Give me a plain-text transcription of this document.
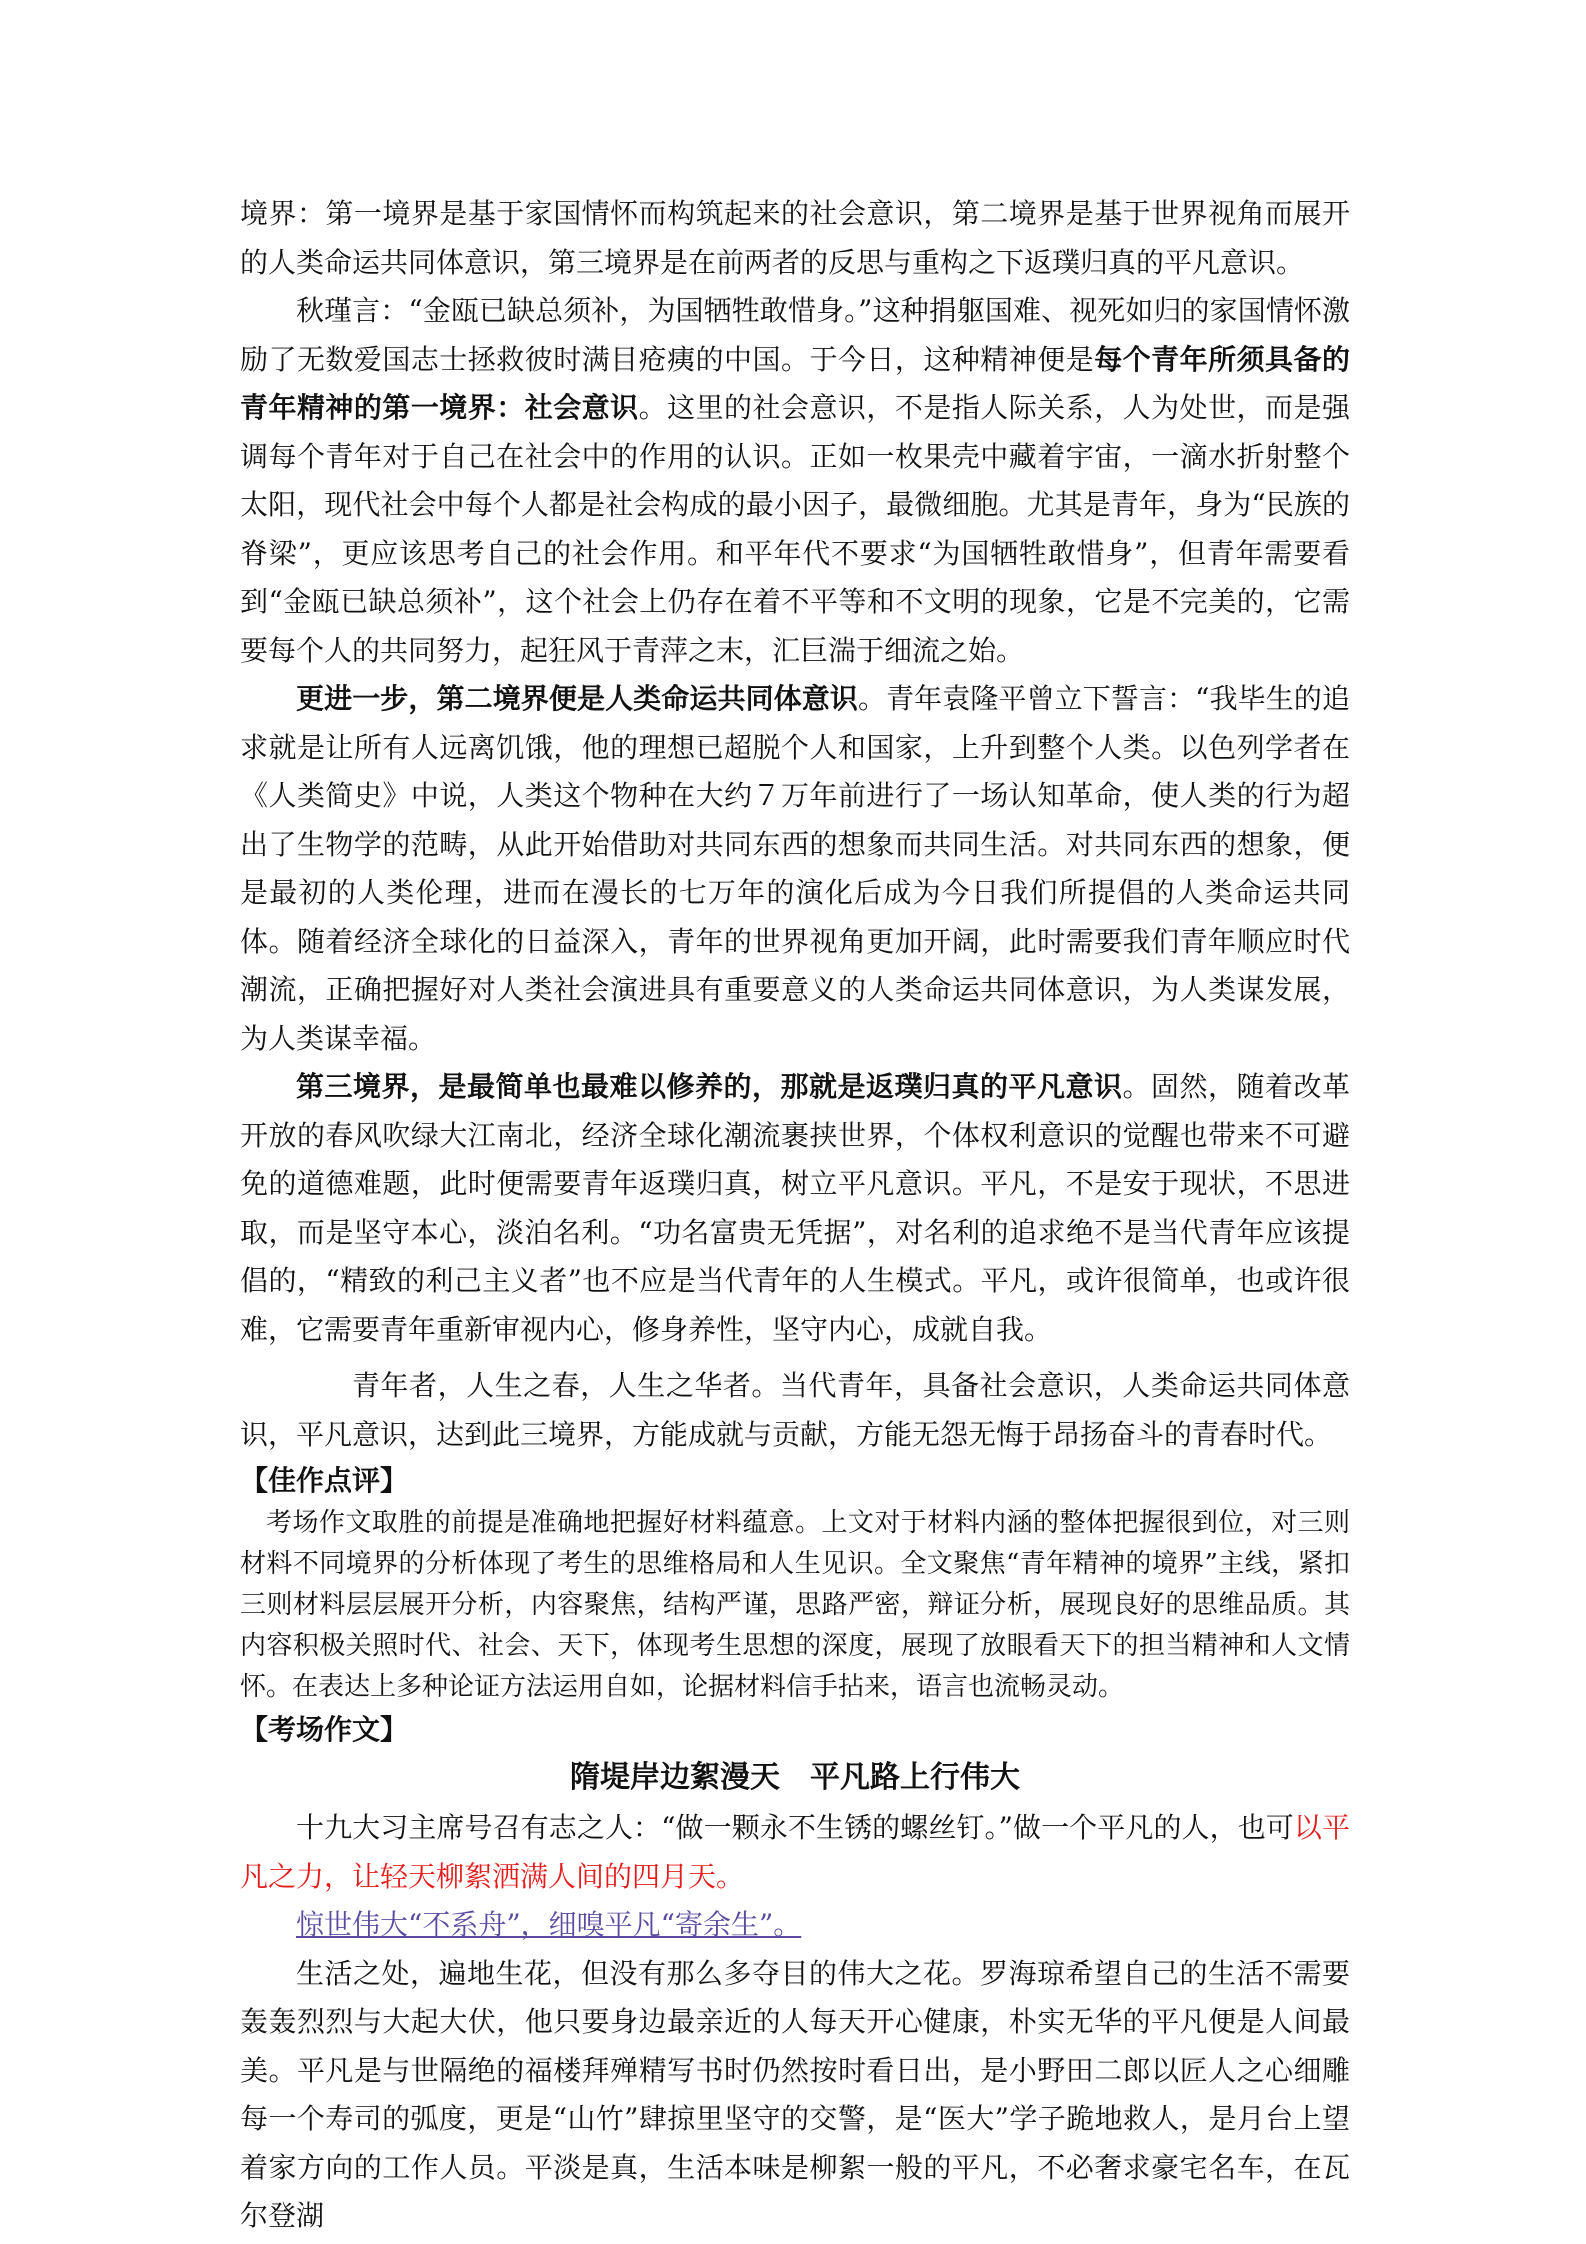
境界：第一境界是基于家国情怀而构筑起来的社会意识，第二境界是基于世界视角而展开的人类命运共同体意识，第三境界是在前两者的反思与重构之下返璞归真的平凡意识。

秋瑾言：“金瓯已缺总须补，为国牺牲敢惜身。”这种捐躯国难、视死如归的家国情怀激励了无数爱国志士拯救彼时满目疮痍的中国。于今日，这种精神便是每个青年所须具备的青年精神的第一境界：社会意识。这里的社会意识，不是指人际关系，人为处世，而是强调每个青年对于自己在社会中的作用的认识。正如一枚果壳中藏着宇宙，一滴水折射整个太阳，现代社会中每个人都是社会构成的最小因子，最微细胞。尤其是青年，身为“民族的脊梁”，更应该思考自己的社会作用。和平年代不要求“为国牺牲敢惜身”，但青年需要看到“金瓯已缺总须补”，这个社会上仍存在着不平等和不文明的现象，它是不完美的，它需要每个人的共同努力，起狂风于青萍之末，汇巨湍于细流之始。

更进一步，第二境界便是人类命运共同体意识。青年袁隆平曾立下誓言：“我毕生的追求就是让所有人远离饥饿，他的理想已超脱个人和国家，上升到整个人类。以色列学者在《人类简史》中说，人类这个物种在大约７万年前进行了一场认知革命，使人类的行为超出了生物学的范畴，从此开始借助对共同东西的想象而共同生活。对共同东西的想象，便是最初的人类伦理，进而在漫长的七万年的演化后成为今日我们所提倡的人类命运共同体。随着经济全球化的日益深入，青年的世界视角更加开阔，此时需要我们青年顺应时代潮流，正确把握好对人类社会演进具有重要意义的人类命运共同体意识，为人类谋发展，为人类谋幸福。

第三境界，是最简单也最难以修养的，那就是返璞归真的平凡意识。固然，随着改革开放的春风吹绿大江南北，经济全球化潮流裹挟世界，个体权利意识的觉醒也带来不可避免的道德难题，此时便需要青年返璞归真，树立平凡意识。平凡，不是安于现状，不思进取，而是坚守本心，淡泊名利。“功名富贵无凭据”，对名利的追求绝不是当代青年应该提倡的，“精致的利己主义者”也不应是当代青年的人生模式。平凡，或许很简单，也或许很难，它需要青年重新审视内心，修身养性，坚守内心，成就自我。

青年者，人生之春，人生之华者。当代青年，具备社会意识，人类命运共同体意识，平凡意识，达到此三境界，方能成就与贡献，方能无怨无悔于昂扬奋斗的青春时代。

【佳作点评】

考场作文取胜的前提是准确地把握好材料蕴意。上文对于材料内涵的整体把握很到位，对三则材料不同境界的分析体现了考生的思维格局和人生见识。全文聚焦“青年精神的境界”主线，紧扣三则材料层层展开分析，内容聚焦，结构严谨，思路严密，辩证分析，展现良好的思维品质。其内容积极关照时代、社会、天下，体现考生思想的深度，展现了放眼看天下的担当精神和人文情怀。在表达上多种论证方法运用自如，论据材料信手拈来，语言也流畅灵动。

【考场作文】

隋堤岸边絮漫天　平凡路上行伟大

十九大习主席号召有志之人：“做一颗永不生锈的螺丝钉。”做一个平凡的人，也可以平凡之力，让轻天柳絮洒满人间的四月天。

惊世伟大“不系舟”，细嗅平凡“寄余生”。

生活之处，遍地生花，但没有那么多夺目的伟大之花。罗海琼希望自己的生活不需要轰轰烈烈与大起大伏，他只要身边最亲近的人每天开心健康，朴实无华的平凡便是人间最美。平凡是与世隔绝的福楼拜殚精写书时仍然按时看日出，是小野田二郎以匠人之心细雕每一个寿司的弧度，更是“山竹”肆掠里坚守的交警，是“医大”学子跪地救人，是月台上望着家方向的工作人员。平淡是真，生活本味是柳絮一般的平凡，不必奢求豪宅名车，在瓦尔登湖
